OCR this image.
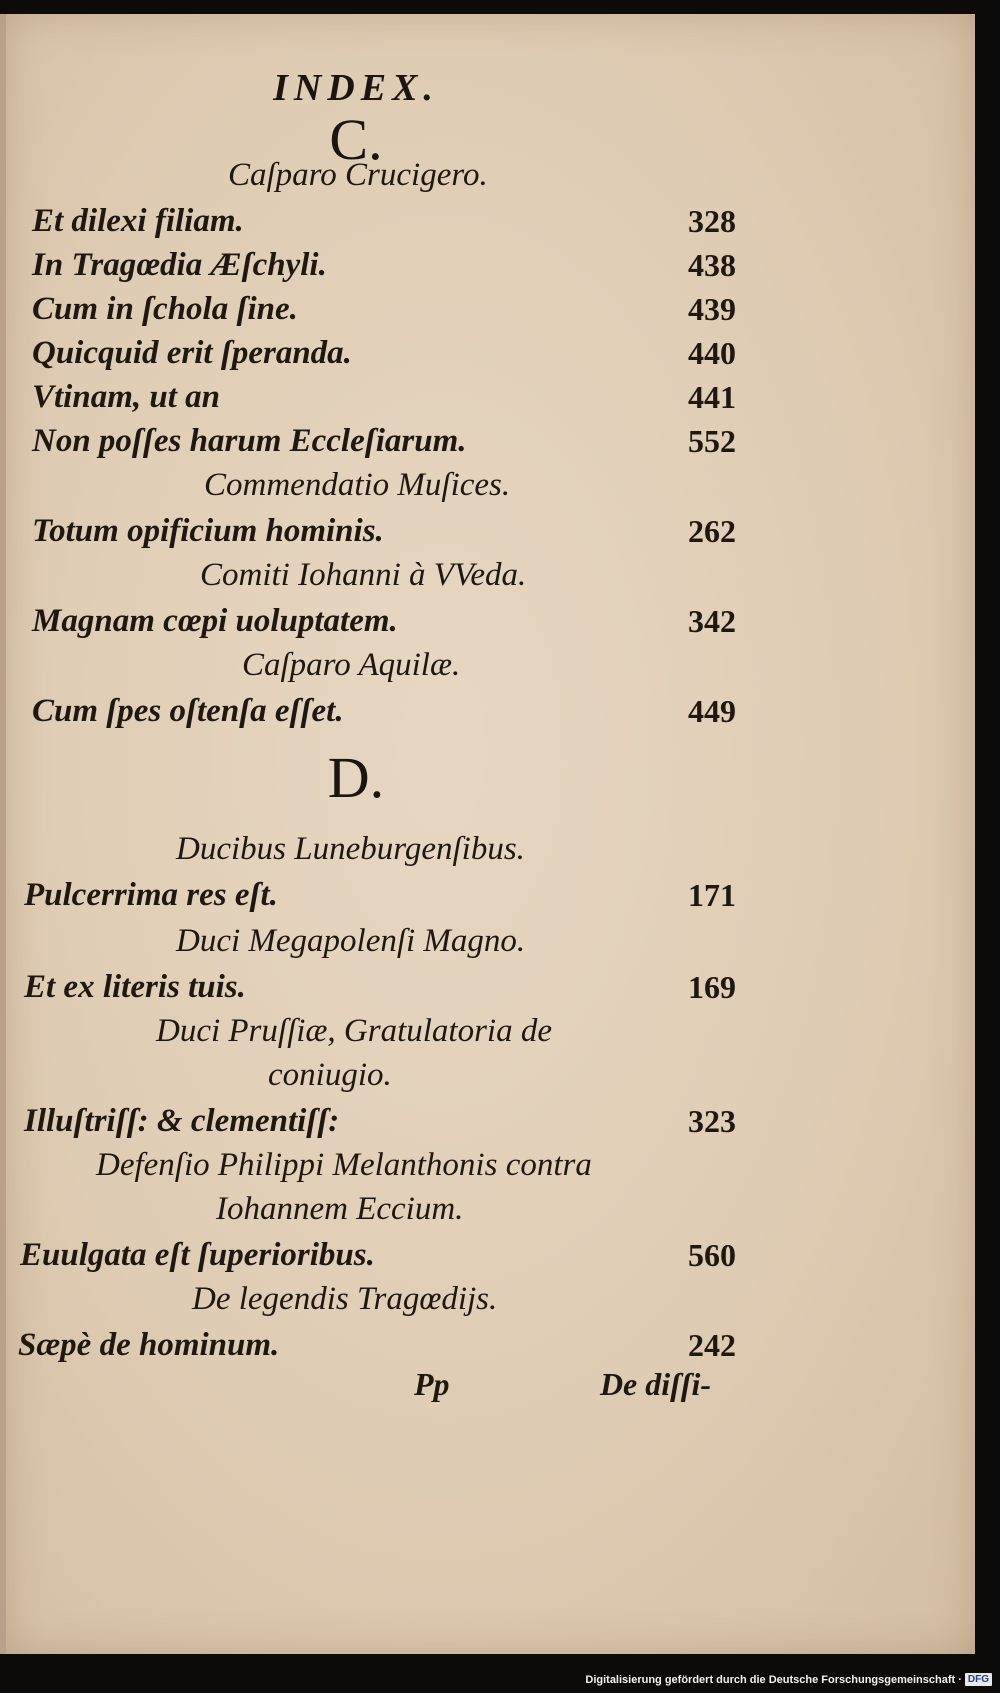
INDEX.
C.
Caſparo Crucigero.
Et dilexi filiam.	328
In Tragœdia Æſchyli.	438
Cum in ſchola ſine.	439
Quicquid erit ſperanda.	440
Vtinam, ut an	441
Non poſſes harum Eccleſiarum.	552
Commendatio Muſices.
Totum opificium hominis.	262
Comiti Iohanni à VVeda.
Magnam cœpi uoluptatem.	342
Caſparo Aquilæ.
Cum ſpes oſtenſa eſſet.	449
D.
Ducibus Luneburgenſibus.
Pulcerrima res eſt.	171
Duci Megapolenſi Magno.
Et ex literis tuis.	169
Duci Pruſſiæ, Gratulatoria de
coniugio.
Illuſtriſſ: & clementiſſ:	323
Defenſio Philippi Melanthonis contra
Iohannem Eccium.
Euulgata eſt ſuperioribus.	560
De legendis Tragœdijs.
Sæpè de hominum.	242
Pp	De diſſi-
Digitalisierung gefördert durch die Deutsche Forschungsgemeinschaft · DFG
